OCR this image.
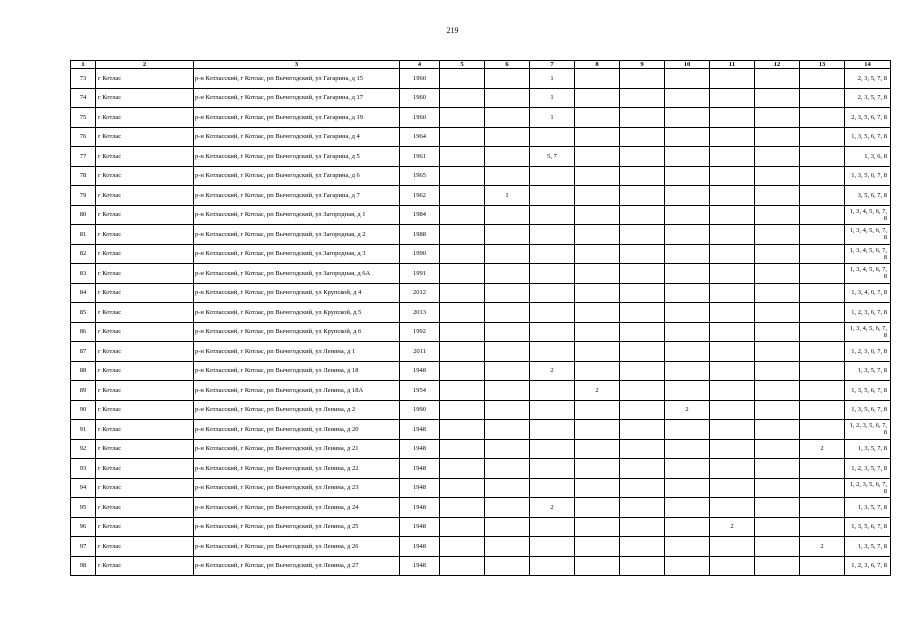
219
1	2	3	4	5	6	7	8	9	10	11	12	13	14
73	г Котлас	р-н Котласский, г Котлас, рп Вычегодский, ул Гагарина, д 15	1960			1							2, 3, 5, 7, 8
74	г Котлас	р-н Котласский, г Котлас, рп Вычегодский, ул Гагарина, д 17	1960			1							2, 3, 5, 7, 8
75	г Котлас	р-н Котласский, г Котлас, рп Вычегодский, ул Гагарина, д 19	1960			1							2, 3, 5, 6, 7, 8
76	г Котлас	р-н Котласский, г Котлас, рп Вычегодский, ул Гагарина, д 4	1964										1, 3, 5, 6, 7, 8
77	г Котлас	р-н Котласский, г Котлас, рп Вычегодский, ул Гагарина, д 5	1961			5, 7							1, 3, 6, 8
78	г Котлас	р-н Котласский, г Котлас, рп Вычегодский, ул Гагарина, д 6	1965										1, 3, 5, 6, 7, 8
79	г Котлас	р-н Котласский, г Котлас, рп Вычегодский, ул Гагарина, д 7	1962		1								3, 5, 6, 7, 8
80	г Котлас	р-н Котласский, г Котлас, рп Вычегодский, ул Загородная, д 1	1984										1, 3, 4, 5, 6, 7, 8
81	г Котлас	р-н Котласский, г Котлас, рп Вычегодский, ул Загородная, д 2	1988										1, 3, 4, 5, 6, 7, 8
82	г Котлас	р-н Котласский, г Котлас, рп Вычегодский, ул Загородная, д 3	1990										1, 3, 4, 5, 6, 7, 8
83	г Котлас	р-н Котласский, г Котлас, рп Вычегодский, ул Загородная, д 6А	1991										1, 3, 4, 5, 6, 7, 8
84	г Котлас	р-н Котласский, г Котлас, рп Вычегодский, ул Крупской, д 4	2012										1, 3, 4, 6, 7, 8
85	г Котлас	р-н Котласский, г Котлас, рп Вычегодский, ул Крупской, д 5	2013										1, 2, 3, 6, 7, 8
86	г Котлас	р-н Котласский, г Котлас, рп Вычегодский, ул Крупской, д 6	1992										1, 3, 4, 5, 6, 7, 8
87	г Котлас	р-н Котласский, г Котлас, рп Вычегодский, ул Ленина, д 1	2011										1, 2, 3, 6, 7, 8
88	г Котлас	р-н Котласский, г Котлас, рп Вычегодский, ул Ленина, д 18	1948			2							1, 3, 5, 7, 8
89	г Котлас	р-н Котласский, г Котлас, рп Вычегодский, ул Ленина, д 18А	1954				2						1, 3, 5, 6, 7, 8
90	г Котлас	р-н Котласский, г Котлас, рп Вычегодский, ул Ленина, д 2	1990						2				1, 3, 5, 6, 7, 8
91	г Котлас	р-н Котласский, г Котлас, рп Вычегодский, ул Ленина, д 20	1948										1, 2, 3, 5, 6, 7, 8
92	г Котлас	р-н Котласский, г Котлас, рп Вычегодский, ул Ленина, д 21	1948									2	1, 3, 5, 7, 8
93	г Котлас	р-н Котласский, г Котлас, рп Вычегодский, ул Ленина, д 22	1948										1, 2, 3, 5, 7, 8
94	г Котлас	р-н Котласский, г Котлас, рп Вычегодский, ул Ленина, д 23	1948										1, 2, 3, 5, 6, 7, 8
95	г Котлас	р-н Котласский, г Котлас, рп Вычегодский, ул Ленина, д 24	1948			2							1, 3, 5, 7, 8
96	г Котлас	р-н Котласский, г Котлас, рп Вычегодский, ул Ленина, д 25	1948							2			1, 3, 5, 6, 7, 8
97	г Котлас	р-н Котласский, г Котлас, рп Вычегодский, ул Ленина, д 26	1948									2	1, 3, 5, 7, 8
98	г Котлас	р-н Котласский, г Котлас, рп Вычегодский, ул Ленина, д 27	1948										1, 2, 3, 6, 7, 8
